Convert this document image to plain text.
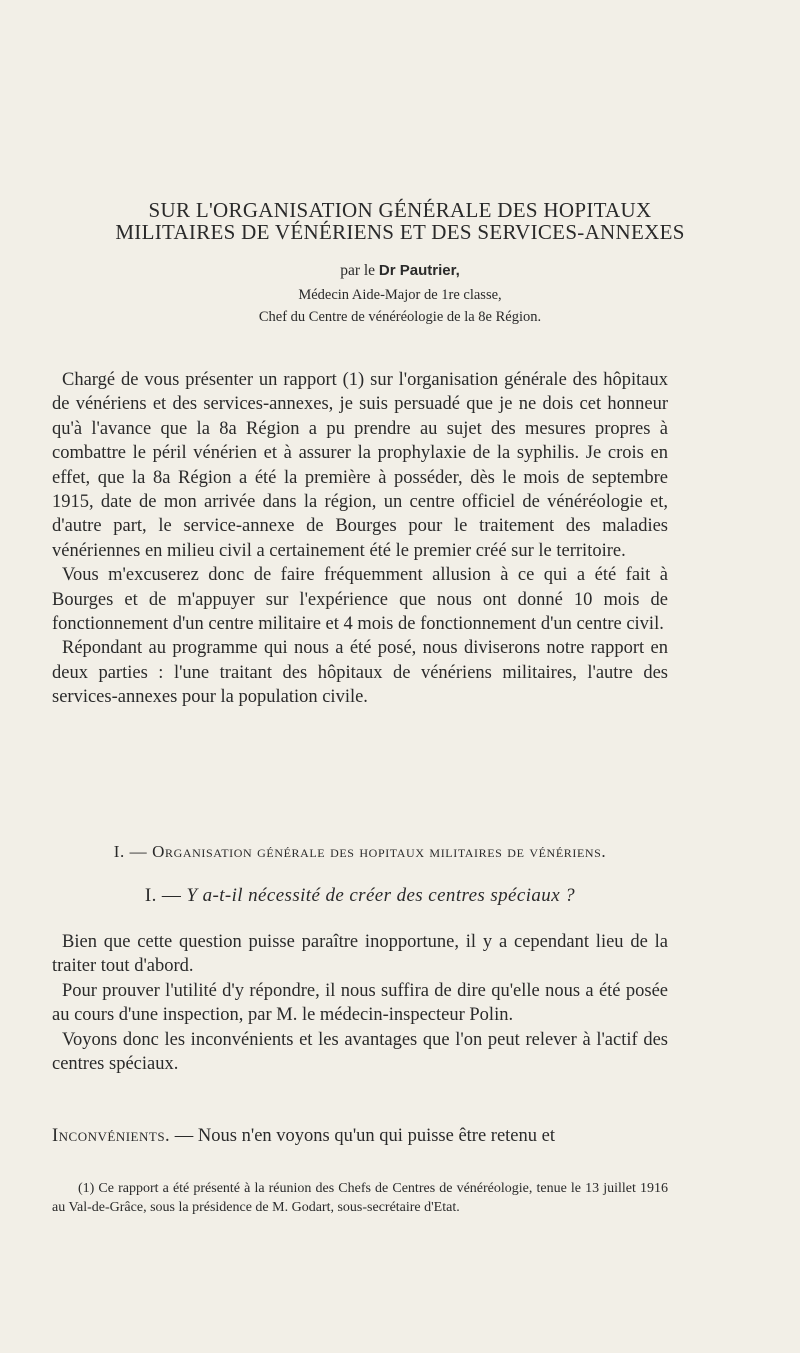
SUR L'ORGANISATION GÉNÉRALE DES HOPITAUX
MILITAIRES DE VÉNÉRIENS ET DES SERVICES-ANNEXES
par le Dr Pautrier,
Médecin Aide-Major de 1re classe,
Chef du Centre de vénéréologie de la 8e Région.

Chargé de vous présenter un rapport (1) sur l'organisation générale des hôpitaux de vénériens et des services-annexes, je suis persuadé que je ne dois cet honneur qu'à l'avance que la 8a Région a pu prendre au sujet des mesures propres à combattre le péril vénérien et à assurer la prophylaxie de la syphilis. Je crois en effet, que la 8a Région a été la première à posséder, dès le mois de septembre 1915, date de mon arrivée dans la région, un centre officiel de vénéréologie et, d'autre part, le service-annexe de Bourges pour le traitement des maladies vénériennes en milieu civil a certainement été le premier créé sur le territoire.

Vous m'excuserez donc de faire fréquemment allusion à ce qui a été fait à Bourges et de m'appuyer sur l'expérience que nous ont donné 10 mois de fonctionnement d'un centre militaire et 4 mois de fonctionnement d'un centre civil.

Répondant au programme qui nous a été posé, nous diviserons notre rapport en deux parties : l'une traitant des hôpitaux de vénériens militaires, l'autre des services-annexes pour la population civile.

I. — Organisation générale des hopitaux militaires de vénériens.
I. — Y a-t-il nécessité de créer des centres spéciaux ?

Bien que cette question puisse paraître inopportune, il y a cependant lieu de la traiter tout d'abord.

Pour prouver l'utilité d'y répondre, il nous suffira de dire qu'elle nous a été posée au cours d'une inspection, par M. le médecin-inspecteur Polin.

Voyons donc les inconvénients et les avantages que l'on peut relever à l'actif des centres spéciaux.

Inconvénients. — Nous n'en voyons qu'un qui puisse être retenu et

(1) Ce rapport a été présenté à la réunion des Chefs de Centres de vénéréologie, tenue le 13 juillet 1916 au Val-de-Grâce, sous la présidence de M. Godart, sous-secrétaire d'Etat.
